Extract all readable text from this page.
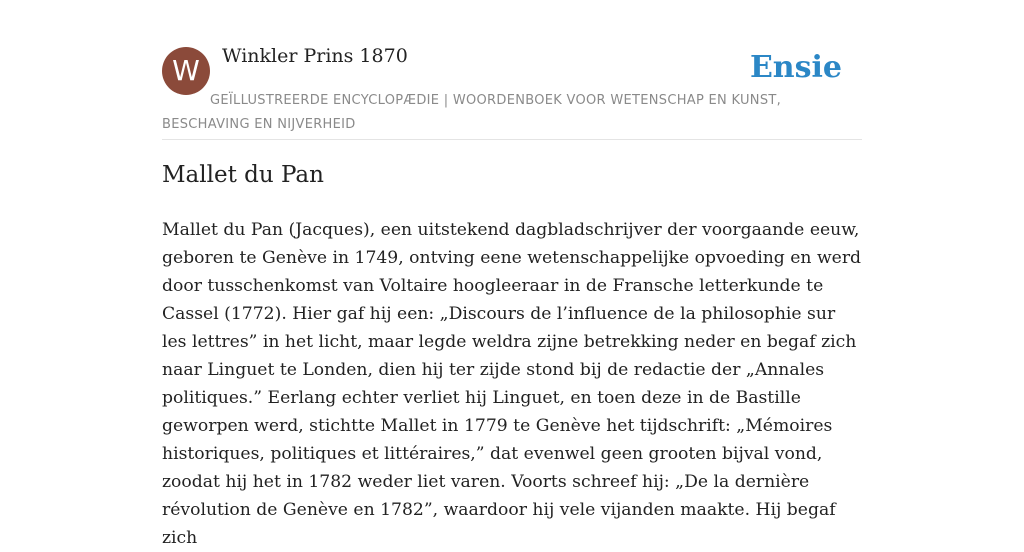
W	Winkler Prins 1870	Ensie
GEÏLLUSTREERDE ENCYCLOPÆDIE | WOORDENBOEK VOOR WETENSCHAP EN KUNST, BESCHAVING EN NIJVERHEID
Mallet du Pan

Mallet du Pan (Jacques), een uitstekend dagbladschrijver der voorgaande eeuw, geboren te Genève in 1749, ontving eene wetenschappelijke opvoeding en werd door tusschenkomst van Voltaire hoogleeraar in de Fransche letterkunde te Cassel (1772). Hier gaf hij een: „Discours de l’influence de la philosophie sur les lettres” in het licht, maar legde weldra zijne betrekking neder en begaf zich naar Linguet te Londen, dien hij ter zijde stond bij de redactie der „Annales politiques.” Eerlang echter verliet hij Linguet, en toen deze in de Bastille geworpen werd, stichtte Mallet in 1779 te Genève het tijdschrift: „Mémoires historiques, politiques et littéraires,” dat evenwel geen grooten bijval vond, zoodat hij het in 1782 weder liet varen. Voorts schreef hij: „De la dernière révolution de Genève en 1782”, waardoor hij vele vijanden maakte. Hij begaf zich
